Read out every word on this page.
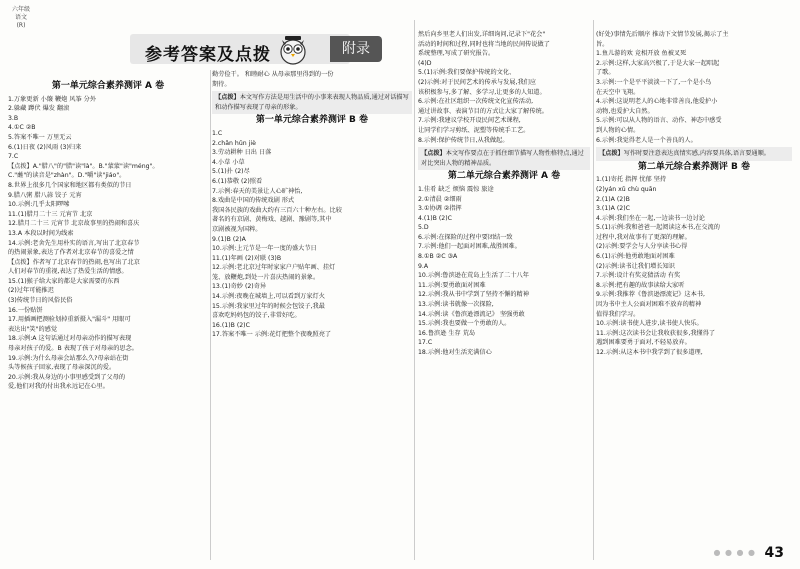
六年级
语文
(R)
参考答案及点拨	附录
第一单元综合素养测评 A 卷
1.万象更新 小簸 鞭炮 风筝 分外
2.躲藏 蹲伏 爆发 翻滚
3.B
4.①C ②B
5.答案不唯一 万里无云
6.(1)日夜 (2)风雨 (3)归来
7.C
【点拨】A."腊八"的"腊"读"là"。B."蒙蒙"读"méng"。
C."蘸"的读音是"zhàn"。D."嚼"读"jiáo"。
8.世界上很多几个国家和地区都有类似的节日
9.腊八粥 腊八蒜 饺子 元宵
10.示例:几乎太阳啰嗦
11.(1)腊月二十三 元宵节 北京
12.腊月二十三 元宵节 北京故事里的热闹和喜庆
13.A 本段以时间为线索
14.示例:老舍先生用朴实的语言,写出了北京春节
的热闹景象,表达了作者对北京春节的喜爱之情
【点拨】作者写了北京春节的热闹,也写出了北京
人们对春节的重视,表达了热爱生活的情感。
15.(1)猴子给大家的都是大家需要的东西
(2)过年可能推迟
(3)传统节日的风俗民俗
16.一份贴饼
17.用插画把测验划掉重新摄入"漏斗" 用眼可
表达出"笑"的感觉
18.示例:A 这句话通过对母亲动作的描写表现
母亲对孩子的爱。B 表现了孩子对母亲的思念。
19.示例:为什么母亲会站那么久?母亲站在街
头等候孩子回家,表现了母亲深沉的爱。
20.示例:我从身边的小事里感受到了父母的
爱,他们对我的付出我永远记在心里。
勤劳俭干。 和睦耐心 从母亲那里得到的一份
期待。
【点拨】本文写作方法是用生活中的小事来表现人物品质,通过对话描写和动作描写表现了母亲的形象。
第一单元综合素养测评 B 卷
1.C
2.chǎn hǔn jiè
3.劳动耕种 日出 日落
4.小草 小草
5.(1)扑 (2)尽
6.(1)恭敬 (2)照看
7.示例:春天的美景让人心旷神怡,
8.戏曲是中国的传统戏剧 形式
我国各民族的戏曲大约有三百六十种左右。比较
著名的有京剧、黄梅戏、越剧、豫剧等,其中
京剧被视为国粹。
9.(1)B (2)A
10.示例:上元节是一年一度的盛大节日
11.(1)年画 (2)对联 (3)B
12.示例:老北京过年时家家户户贴年画、挂灯
笼、放鞭炮,到处一片喜庆热闹的景象。
13.(1)奇妙 (2)奇异
14.示例:夜晚在城墙上,可以看到万家灯火
15.示例:我家里过年的时候会包饺子,我最
喜欢吃妈妈包的饺子,非常好吃。
16.(1)B (2)C
17.答案不唯一 示例:花灯把整个夜晚照亮了
然后向乡里老人们出发,详细询问,记录下"花会"
活动的时间和过程,同时也将当地的民间传说做了
系统整理,写成了研究报告。
(4)D
5.(1)示例:我们要保护传统的文化、
(2)示例:对于民间艺术的传承与发展,我们应
该积极参与,多了解、多学习,让更多的人知道。
6.示例:在社区组织一次传统文化宣传活动,
通过讲故事、表演节目的方式让大家了解传统。
7.示例:我建议学校开设民间艺术课程,
让同学们学习剪纸、泥塑等传统手工艺。
8.示例:保护传统节日,从我做起。
【点拨】本文写作要点在于抓住细节描写人物性格特点,通过对比突出人物的精神品质。
第二单元综合素养测评 A 卷
1.佳肴 缺乏 烦恼 震惊 旅途
2.①清晨 ②细雨
3.①协调 ②指挥
4.(1)B (2)C
5.D
6.示例:在探险的过程中要团结一致
7.示例:他们一起面对困难,战胜困难。
8.①B ②C ③A
9.A
10.示例:鲁滨逊在荒岛上生活了二十八年
11.示例:要勇敢面对困难
12.示例:我从书中学到了坚持不懈的精神
13.示例:读书就像一次探险,
14.示例:读《鲁滨逊漂流记》 坚强勇敢
15.示例:我也要做一个勇敢的人。
16.鲁滨逊 生存 荒岛
17.C
18.示例:他对生活充满信心
(好处)事情先后顺序 推动下文情节发展,揭示了主
旨。
1.鱼儿游的欢 竞相开放 鱼被叉死
2.示例:这样,大家高兴极了,于是大家一起唱起
了歌。
3.示例:一个是平平淡淡一下了,一个是小鸟
在天空中飞翔。
4.示例:这说明老人的心地非常善良,他爱护小
动物,也爱护大自然。
5.示例:可以从人物的语言、动作、神态中感受
到人物的心情。
6.示例:我觉得老人是一个善良的人。
【点拨】写作时要注意表达真情实感,内容要具体,语言要通顺。
第二单元综合素养测评 B 卷
1.(1)寄托 指挥 忧郁 坚持
(2)yán xǔ chù quān
2.(1)A (2)B
3.(1)A (2)C
4.示例:我们坐在一起,一边读书一边讨论
5.(1)示例:我和爸爸一起阅读这本书,在交流的
过程中,我对故事有了更深的理解。
(2)示例:要学会与人分享读书心得
6.(1)示例:他勇敢地面对困难
(2)示例:读书让我们增长知识
7.示例:设计有奖竞猜活动 有奖
8.示例:把有趣的故事读给大家听
9.示例:我推荐《鲁滨逊漂流记》这本书,
因为书中主人公面对困难不放弃的精神
值得我们学习。
10.示例:读书使人进步,读书使人快乐。
11.示例:这次读书会让我收获很多,我懂得了
遇到困难要勇于面对,不轻易放弃。
12.示例:从这本书中我学到了很多道理,
● ● ● ● 43
